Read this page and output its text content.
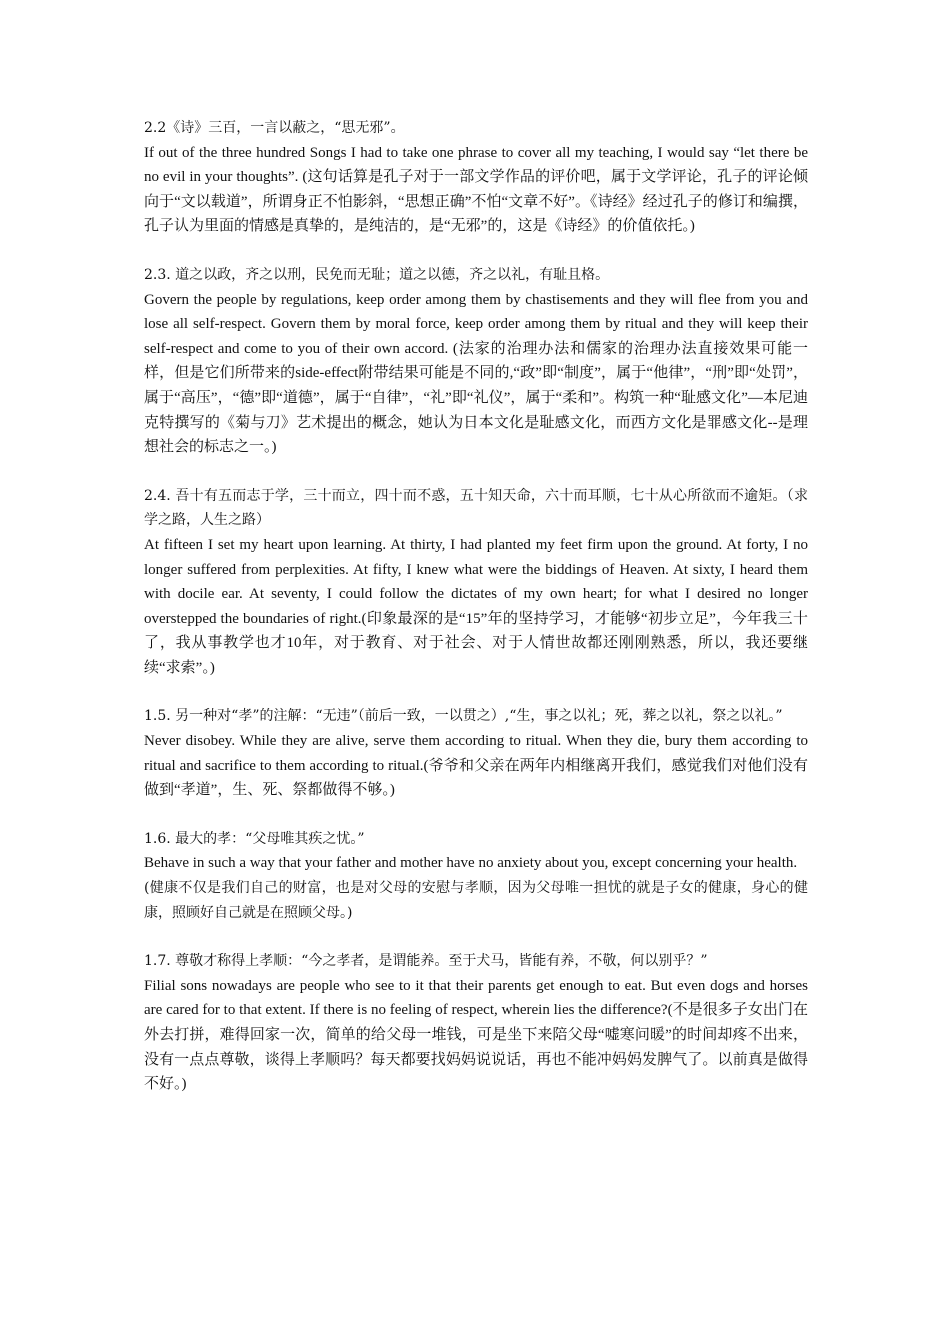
2.2《诗》三百，一言以蔽之，“思无邪”。

If out of the three hundred Songs I had to take one phrase to cover all my teaching, I would say “let there be no evil in your thoughts”. (这句话算是孔子对于一部文学作品的评价吧，属于文学评论，孔子的评论倾向于“文以载道”，所谓身正不怕影斜，“思想正确”不怕“文章不好”。《诗经》经过孔子的修订和编撰，孔子认为里面的情感是真挚的，是纯洁的，是“无邪”的，这是《诗经》的价值依托。)

2.3. 道之以政，齐之以刑，民免而无耻；道之以德，齐之以礼，有耻且格。

Govern the people by regulations, keep order among them by chastisements and they will flee from you and lose all self-respect. Govern them by moral force, keep order among them by ritual and they will keep their self-respect and come to you of their own accord. (法家的治理办法和儒家的治理办法直接效果可能一样，但是它们所带来的side-effect附带结果可能是不同的,“政”即“制度”，属于“他律”，“刑”即“处罚”，属于“高压”，“德”即“道德”，属于“自律”，“礼”即“礼仪”，属于“柔和”。构筑一种“耻感文化”—本尼迪克特撰写的《菊与刀》艺术提出的概念，她认为日本文化是耻感文化，而西方文化是罪感文化--是理想社会的标志之一。)

2.4. 吾十有五而志于学，三十而立，四十而不惑，五十知天命，六十而耳顺，七十从心所欲而不逾矩。（求学之路，人生之路）

At fifteen I set my heart upon learning. At thirty, I had planted my feet firm upon the ground. At forty, I no longer suffered from perplexities. At fifty, I knew what were the biddings of Heaven. At sixty, I heard them with docile ear. At seventy, I could follow the dictates of my own heart; for what I desired no longer overstepped the boundaries of right.(印象最深的是“15”年的坚持学习，才能够“初步立足”，今年我三十了，我从事教学也才10年，对于教育、对于社会、对于人情世故都还刚刚熟悉，所以，我还要继续“求索”。)

1.5. 另一种对“孝”的注解：“无违”（前后一致，一以贯之）,“生，事之以礼；死，葬之以礼，祭之以礼。”

Never disobey. While they are alive, serve them according to ritual. When they die, bury them according to ritual and sacrifice to them according to ritual.(爷爷和父亲在两年内相继离开我们，感觉我们对他们没有做到“孝道”，生、死、祭都做得不够。)

1.6. 最大的孝：“父母唯其疾之忧。”

Behave in such a way that your father and mother have no anxiety about you, except concerning your health.

(健康不仅是我们自己的财富，也是对父母的安慰与孝顺，因为父母唯一担忧的就是子女的健康，身心的健康，照顾好自己就是在照顾父母。)

1.7. 尊敬才称得上孝顺：“今之孝者，是谓能养。至于犬马，皆能有养，不敬，何以别乎？”

Filial sons nowadays are people who see to it that their parents get enough to eat. But even dogs and horses are cared for to that extent. If there is no feeling of respect, wherein lies the difference?(不是很多子女出门在外去打拼，难得回家一次，简单的给父母一堆钱，可是坐下来陪父母“嘘寒问暖”的时间却疼不出来，没有一点点尊敬，谈得上孝顺吗？每天都要找妈妈说说话，再也不能冲妈妈发脾气了。以前真是做得不好。)
